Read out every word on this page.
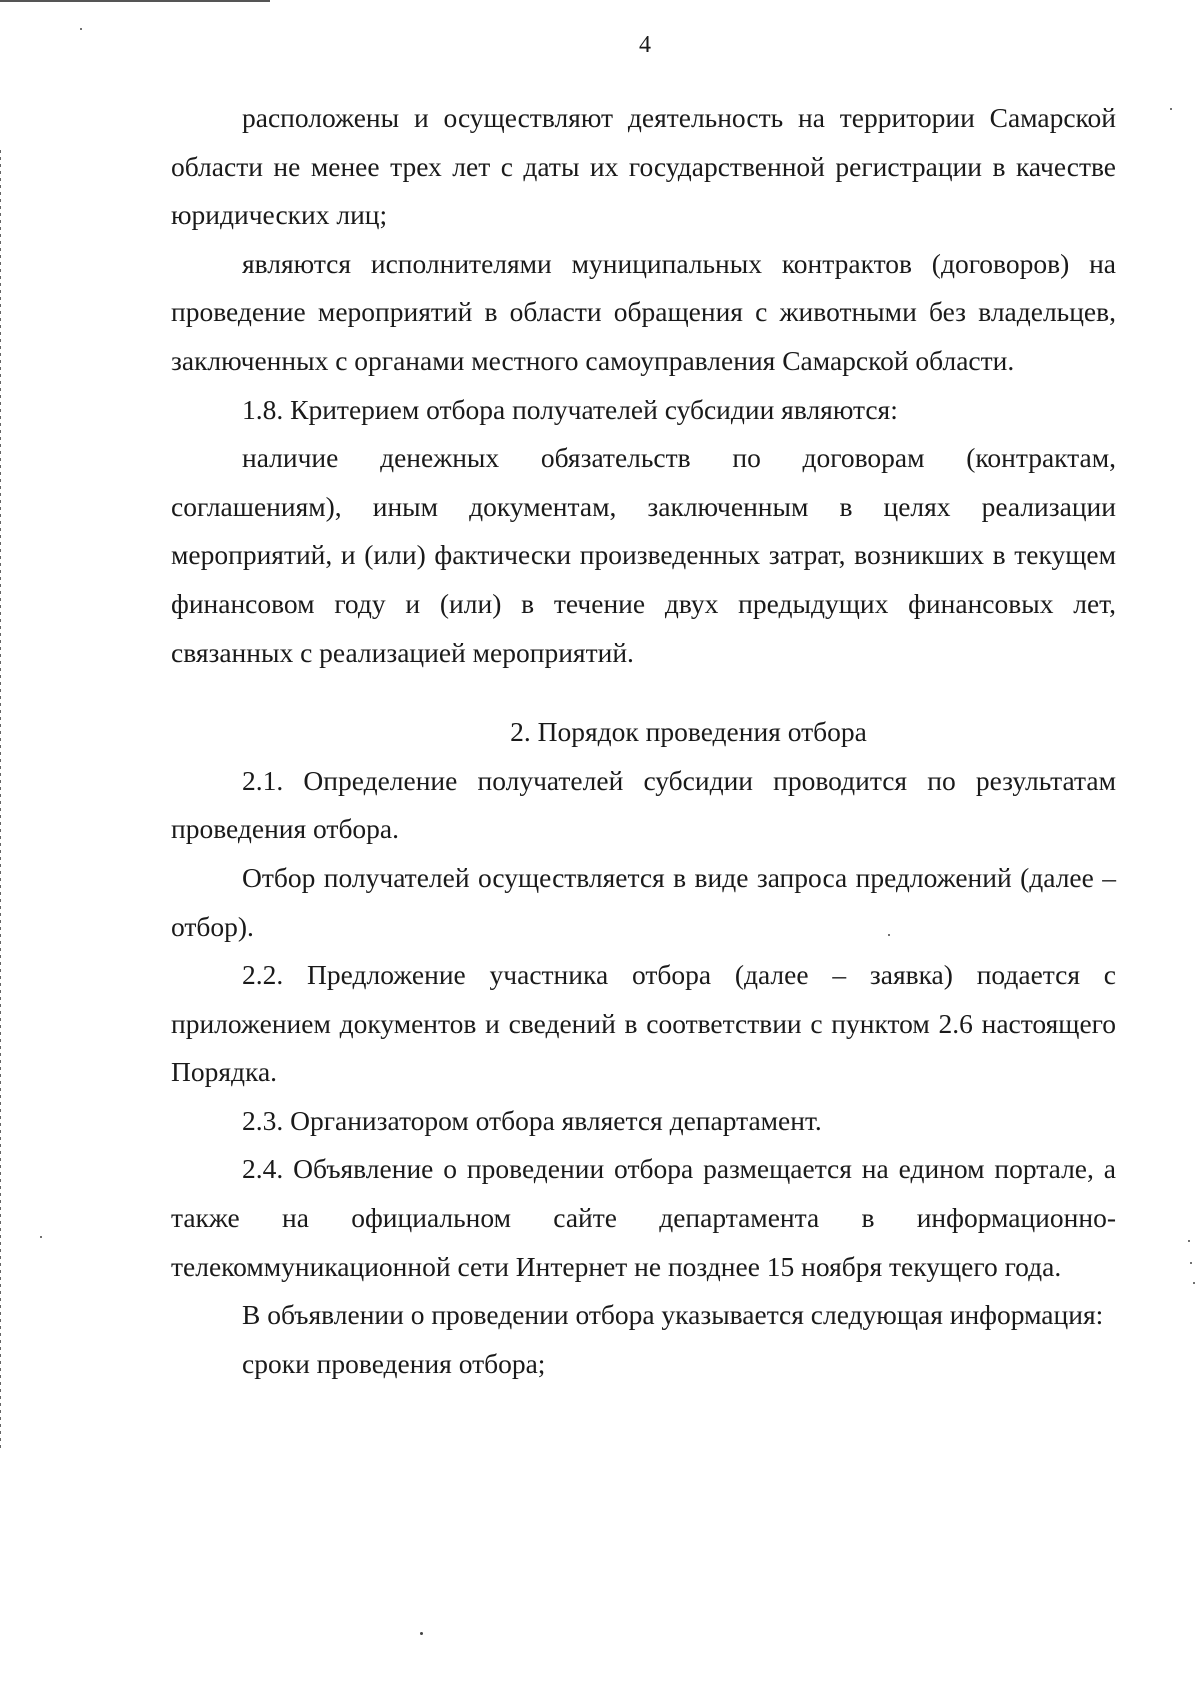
4

расположены и осуществляют деятельность на территории Самарской области не менее трех лет с даты их государственной регистрации в качестве юридических лиц;

являются исполнителями муниципальных контрактов (договоров) на проведение мероприятий в области обращения с животными без владельцев, заключенных с органами местного самоуправления Самарской области.

1.8. Критерием отбора получателей субсидии являются:

наличие денежных обязательств по договорам (контрактам, соглашениям), иным документам, заключенным в целях реализации мероприятий, и (или) фактически произведенных затрат, возникших в текущем финансовом году и (или) в течение двух предыдущих финансовых лет, связанных с реализацией мероприятий.

2. Порядок проведения отбора

2.1. Определение получателей субсидии проводится по результатам проведения отбора.

Отбор получателей осуществляется в виде запроса предложений (далее – отбор).

2.2. Предложение участника отбора (далее – заявка) подается с приложением документов и сведений в соответствии с пунктом 2.6 настоящего Порядка.

2.3. Организатором отбора является департамент.

2.4. Объявление о проведении отбора размещается на едином портале, а также на официальном сайте департамента в информационно-телекоммуникационной сети Интернет не позднее 15 ноября текущего года.

В объявлении о проведении отбора указывается следующая информация:

сроки проведения отбора;
